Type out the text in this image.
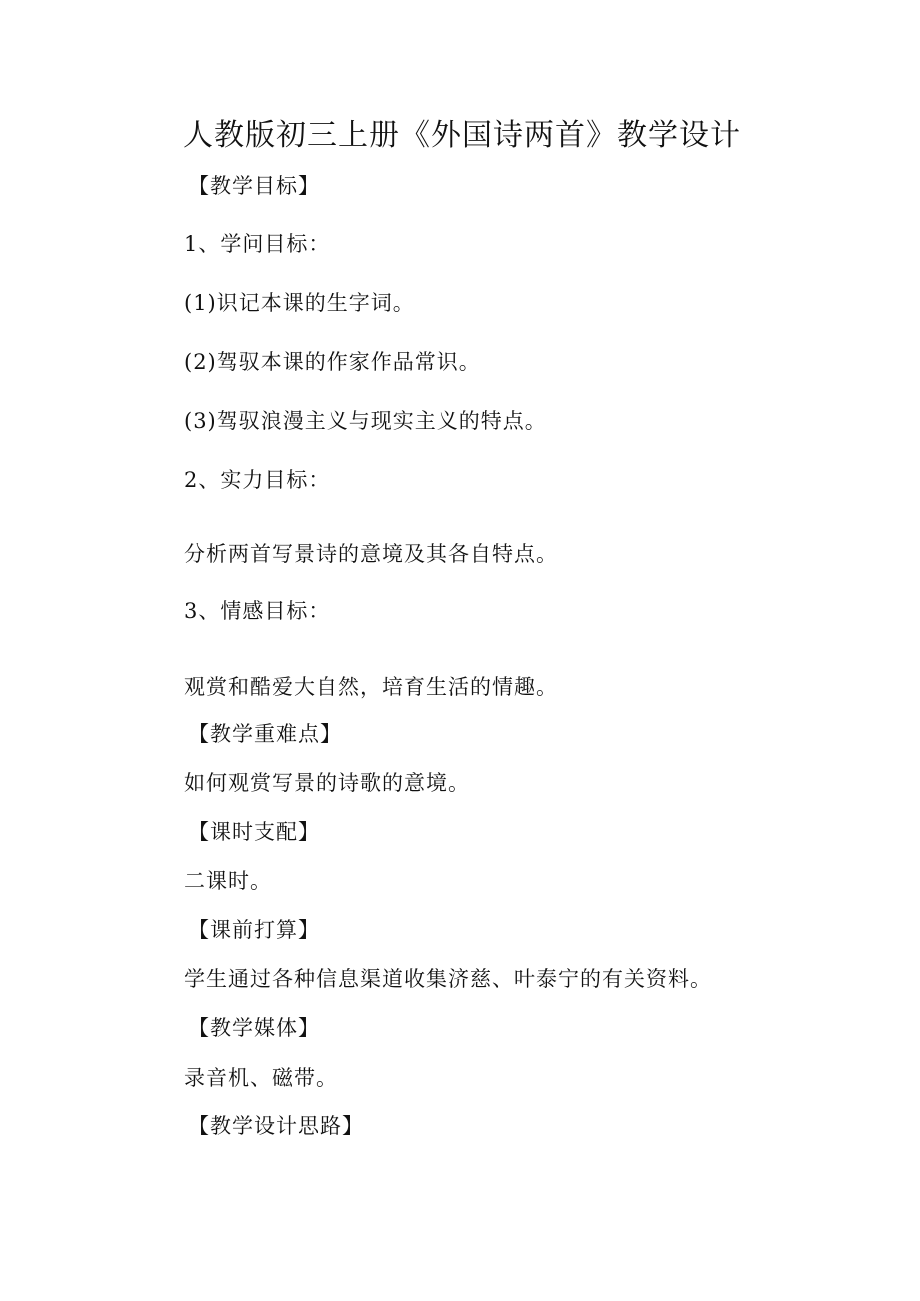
人教版初三上册《外国诗两首》教学设计
【教学目标】
1、学问目标：
(1)识记本课的生字词。
(2)驾驭本课的作家作品常识。
(3)驾驭浪漫主义与现实主义的特点。
2、实力目标：
分析两首写景诗的意境及其各自特点。
3、情感目标：
观赏和酷爱大自然，培育生活的情趣。
【教学重难点】
如何观赏写景的诗歌的意境。
【课时支配】
二课时。
【课前打算】
学生通过各种信息渠道收集济慈、叶泰宁的有关资料。
【教学媒体】
录音机、磁带。
【教学设计思路】
